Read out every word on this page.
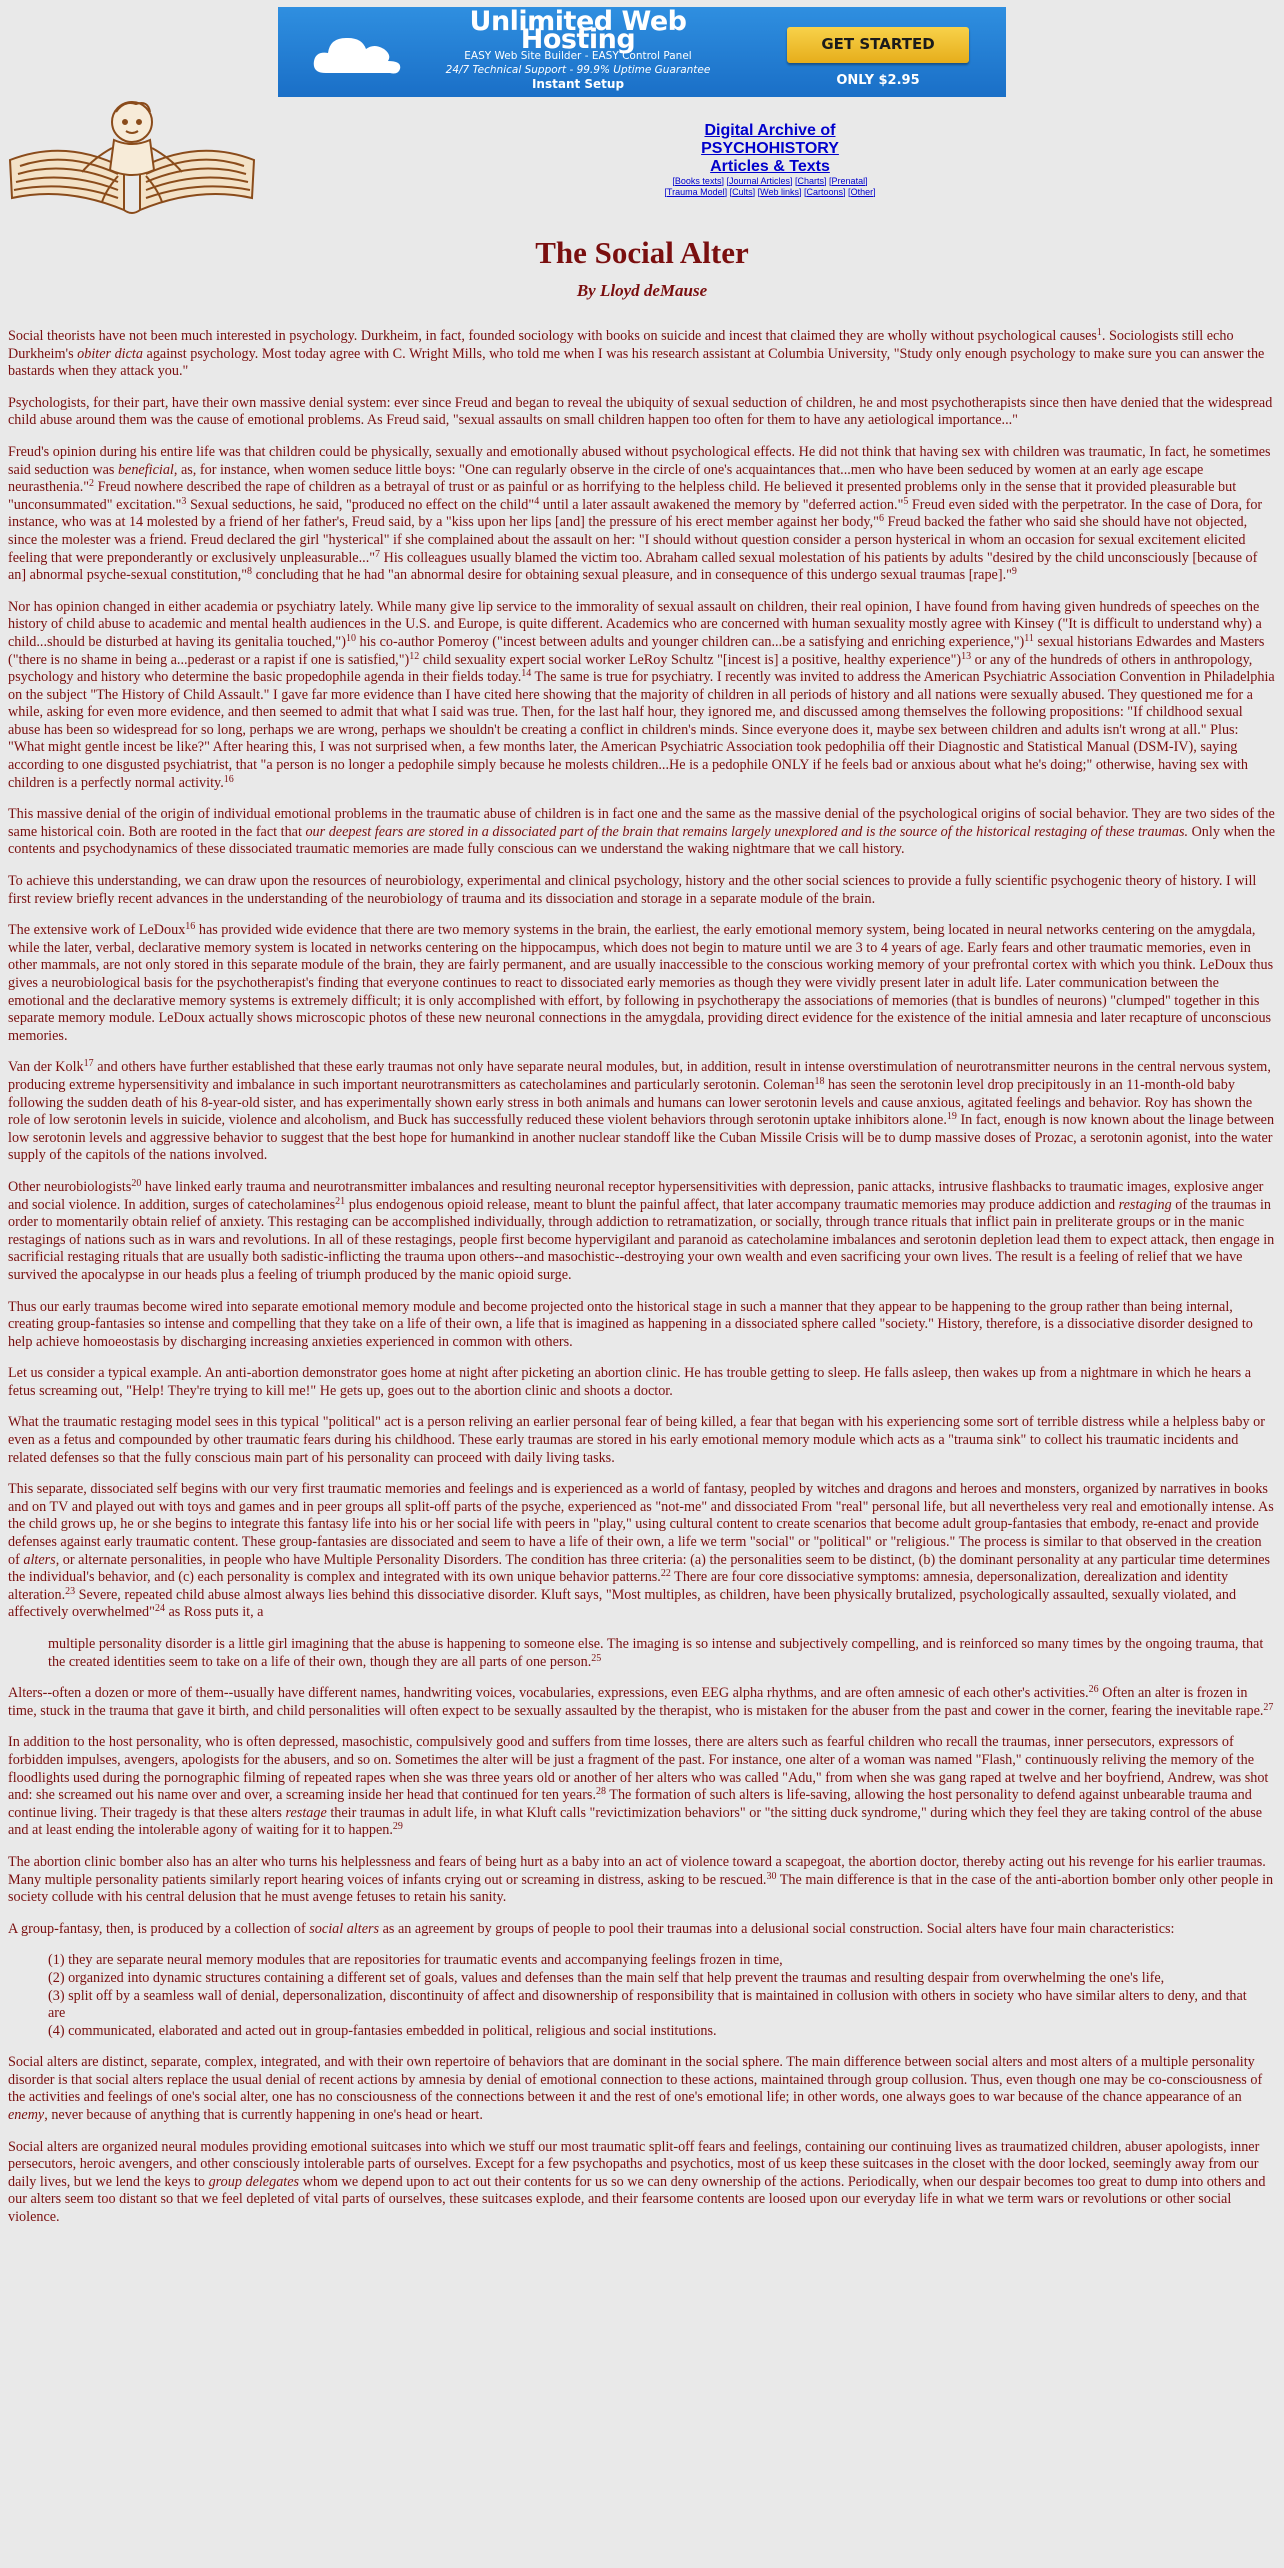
Unlimited Web Hosting
EASY Web Site Builder - EASY Control Panel
24/7 Technical Support - 99.9% Uptime Guarantee
Instant Setup
GET STARTED
ONLY $2.95
Digital Archive of
PSYCHOHISTORY
Articles & Texts
[Books texts] [Journal Articles] [Charts] [Prenatal]
[Trauma Model] [Cults] [Web links] [Cartoons] [Other]
The Social Alter
By Lloyd deMause

Social theorists have not been much interested in psychology. Durkheim, in fact, founded sociology with books on suicide and incest that claimed they are wholly without psychological causes$^1$. Sociologists still echo Durkheim's obiter dicta against psychology. Most today agree with C. Wright Mills, who told me when I was his research assistant at Columbia University, "Study only enough psychology to make sure you can answer the bastards when they attack you."

Psychologists, for their part, have their own massive denial system: ever since Freud and began to reveal the ubiquity of sexual seduction of children, he and most psychotherapists since then have denied that the widespread child abuse around them was the cause of emotional problems. As Freud said, "sexual assaults on small children happen too often for them to have any aetiological importance..."

Freud's opinion during his entire life was that children could be physically, sexually and emotionally abused without psychological effects. He did not think that having sex with children was traumatic, In fact, he sometimes said seduction was beneficial, as, for instance, when women seduce little boys: "One can regularly observe in the circle of one's acquaintances that...men who have been seduced by women at an early age escape neurasthenia."$^2$ Freud nowhere described the rape of children as a betrayal of trust or as painful or as horrifying to the helpless child. He believed it presented problems only in the sense that it provided pleasurable but "unconsummated" excitation."$^3$ Sexual seductions, he said, "produced no effect on the child"$^4$ until a later assault awakened the memory by "deferred action."$^5$ Freud even sided with the perpetrator. In the case of Dora, for instance, who was at 14 molested by a friend of her father's, Freud said, by a "kiss upon her lips [and] the pressure of his erect member against her body,"$^6$ Freud backed the father who said she should have not objected, since the molester was a friend. Freud declared the girl "hysterical" if she complained about the assault on her: "I should without question consider a person hysterical in whom an occasion for sexual excitement elicited feeling that were preponderantly or exclusively unpleasurable..."$^7$ His colleagues usually blamed the victim too. Abraham called sexual molestation of his patients by adults "desired by the child unconsciously [because of an] abnormal psyche-sexual constitution,"$^8$ concluding that he had "an abnormal desire for obtaining sexual pleasure, and in consequence of this undergo sexual traumas [rape]."$^9$

Nor has opinion changed in either academia or psychiatry lately. While many give lip service to the immorality of sexual assault on children, their real opinion, I have found from having given hundreds of speeches on the history of child abuse to academic and mental health audiences in the U.S. and Europe, is quite different. Academics who are concerned with human sexuality mostly agree with Kinsey ("It is difficult to understand why) a child...should be disturbed at having its genitalia touched,")$^{10}$ his co-author Pomeroy ("incest between adults and younger children can...be a satisfying and enriching experience,")$^{11}$ sexual historians Edwardes and Masters ("there is no shame in being a...pederast or a rapist if one is satisfied,")$^{12}$ child sexuality expert social worker LeRoy Schultz "[incest is] a positive, healthy experience")$^{13}$ or any of the hundreds of others in anthropology, psychology and history who determine the basic propedophile agenda in their fields today.$^{14}$ The same is true for psychiatry. I recently was invited to address the American Psychiatric Association Convention in Philadelphia on the subject "The History of Child Assault." I gave far more evidence than I have cited here showing that the majority of children in all periods of history and all nations were sexually abused. They questioned me for a while, asking for even more evidence, and then seemed to admit that what I said was true. Then, for the last half hour, they ignored me, and discussed among themselves the following propositions: "If childhood sexual abuse has been so widespread for so long, perhaps we are wrong, perhaps we shouldn't be creating a conflict in children's minds. Since everyone does it, maybe sex between children and adults isn't wrong at all." Plus: "What might gentle incest be like?" After hearing this, I was not surprised when, a few months later, the American Psychiatric Association took pedophilia off their Diagnostic and Statistical Manual (DSM-IV), saying according to one disgusted psychiatrist, that "a person is no longer a pedophile simply because he molests children...He is a pedophile ONLY if he feels bad or anxious about what he's doing;" otherwise, having sex with children is a perfectly normal activity.$^{16}$

This massive denial of the origin of individual emotional problems in the traumatic abuse of children is in fact one and the same as the massive denial of the psychological origins of social behavior. They are two sides of the same historical coin. Both are rooted in the fact that our deepest fears are stored in a dissociated part of the brain that remains largely unexplored and is the source of the historical restaging of these traumas. Only when the contents and psychodynamics of these dissociated traumatic memories are made fully conscious can we understand the waking nightmare that we call history.

To achieve this understanding, we can draw upon the resources of neurobiology, experimental and clinical psychology, history and the other social sciences to provide a fully scientific psychogenic theory of history. I will first review briefly recent advances in the understanding of the neurobiology of trauma and its dissociation and storage in a separate module of the brain.

The extensive work of LeDoux$^{16}$ has provided wide evidence that there are two memory systems in the brain, the earliest, the early emotional memory system, being located in neural networks centering on the amygdala, while the later, verbal, declarative memory system is located in networks centering on the hippocampus, which does not begin to mature until we are 3 to 4 years of age. Early fears and other traumatic memories, even in other mammals, are not only stored in this separate module of the brain, they are fairly permanent, and are usually inaccessible to the conscious working memory of your prefrontal cortex with which you think. LeDoux thus gives a neurobiological basis for the psychotherapist's finding that everyone continues to react to dissociated early memories as though they were vividly present later in adult life. Later communication between the emotional and the declarative memory systems is extremely difficult; it is only accomplished with effort, by following in psychotherapy the associations of memories (that is bundles of neurons) "clumped" together in this separate memory module. LeDoux actually shows microscopic photos of these new neuronal connections in the amygdala, providing direct evidence for the existence of the initial amnesia and later recapture of unconscious memories.

Van der Kolk$^{17}$ and others have further established that these early traumas not only have separate neural modules, but, in addition, result in intense overstimulation of neurotransmitter neurons in the central nervous system, producing extreme hypersensitivity and imbalance in such important neurotransmitters as catecholamines and particularly serotonin. Coleman$^{18}$ has seen the serotonin level drop precipitously in an 11-month-old baby following the sudden death of his 8-year-old sister, and has experimentally shown early stress in both animals and humans can lower serotonin levels and cause anxious, agitated feelings and behavior. Roy has shown the role of low serotonin levels in suicide, violence and alcoholism, and Buck has successfully reduced these violent behaviors through serotonin uptake inhibitors alone.$^{19}$ In fact, enough is now known about the linage between low serotonin levels and aggressive behavior to suggest that the best hope for humankind in another nuclear standoff like the Cuban Missile Crisis will be to dump massive doses of Prozac, a serotonin agonist, into the water supply of the capitols of the nations involved.

Other neurobiologists$^{20}$ have linked early trauma and neurotransmitter imbalances and resulting neuronal receptor hypersensitivities with depression, panic attacks, intrusive flashbacks to traumatic images, explosive anger and social violence. In addition, surges of catecholamines$^{21}$ plus endogenous opioid release, meant to blunt the painful affect, that later accompany traumatic memories may produce addiction and restaging of the traumas in order to momentarily obtain relief of anxiety. This restaging can be accomplished individually, through addiction to retramatization, or socially, through trance rituals that inflict pain in preliterate groups or in the manic restagings of nations such as in wars and revolutions. In all of these restagings, people first become hypervigilant and paranoid as catecholamine imbalances and serotonin depletion lead them to expect attack, then engage in sacrificial restaging rituals that are usually both sadistic-inflicting the trauma upon others--and masochistic--destroying your own wealth and even sacrificing your own lives. The result is a feeling of relief that we have survived the apocalypse in our heads plus a feeling of triumph produced by the manic opioid surge.

Thus our early traumas become wired into separate emotional memory module and become projected onto the historical stage in such a manner that they appear to be happening to the group rather than being internal, creating group-fantasies so intense and compelling that they take on a life of their own, a life that is imagined as happening in a dissociated sphere called "society." History, therefore, is a dissociative disorder designed to help achieve homoeostasis by discharging increasing anxieties experienced in common with others.

Let us consider a typical example. An anti-abortion demonstrator goes home at night after picketing an abortion clinic. He has trouble getting to sleep. He falls asleep, then wakes up from a nightmare in which he hears a fetus screaming out, "Help! They're trying to kill me!" He gets up, goes out to the abortion clinic and shoots a doctor.

What the traumatic restaging model sees in this typical "political" act is a person reliving an earlier personal fear of being killed, a fear that began with his experiencing some sort of terrible distress while a helpless baby or even as a fetus and compounded by other traumatic fears during his childhood. These early traumas are stored in his early emotional memory module which acts as a "trauma sink" to collect his traumatic incidents and related defenses so that the fully conscious main part of his personality can proceed with daily living tasks.

This separate, dissociated self begins with our very first traumatic memories and feelings and is experienced as a world of fantasy, peopled by witches and dragons and heroes and monsters, organized by narratives in books and on TV and played out with toys and games and in peer groups all split-off parts of the psyche, experienced as "not-me" and dissociated From "real" personal life, but all nevertheless very real and emotionally intense. As the child grows up, he or she begins to integrate this fantasy life into his or her social life with peers in "play," using cultural content to create scenarios that become adult group-fantasies that embody, re-enact and provide defenses against early traumatic content. These group-fantasies are dissociated and seem to have a life of their own, a life we term "social" or "political" or "religious." The process is similar to that observed in the creation of alters, or alternate personalities, in people who have Multiple Personality Disorders. The condition has three criteria: (a) the personalities seem to be distinct, (b) the dominant personality at any particular time determines the individual's behavior, and (c) each personality is complex and integrated with its own unique behavior patterns.$^{22}$ There are four core dissociative symptoms: amnesia, depersonalization, derealization and identity alteration.$^{23}$ Severe, repeated child abuse almost always lies behind this dissociative disorder. Kluft says, "Most multiples, as children, have been physically brutalized, psychologically assaulted, sexually violated, and affectively overwhelmed"$^{24}$ as Ross puts it, a

multiple personality disorder is a little girl imagining that the abuse is happening to someone else. The imaging is so intense and subjectively compelling, and is reinforced so many times by the ongoing trauma, that the created identities seem to take on a life of their own, though they are all parts of one person.$^{25}$

Alters--often a dozen or more of them--usually have different names, handwriting voices, vocabularies, expressions, even EEG alpha rhythms, and are often amnesic of each other's activities.$^{26}$ Often an alter is frozen in time, stuck in the trauma that gave it birth, and child personalities will often expect to be sexually assaulted by the therapist, who is mistaken for the abuser from the past and cower in the corner, fearing the inevitable rape.$^{27}$

In addition to the host personality, who is often depressed, masochistic, compulsively good and suffers from time losses, there are alters such as fearful children who recall the traumas, inner persecutors, expressors of forbidden impulses, avengers, apologists for the abusers, and so on. Sometimes the alter will be just a fragment of the past. For instance, one alter of a woman was named "Flash," continuously reliving the memory of the floodlights used during the pornographic filming of repeated rapes when she was three years old or another of her alters who was called "Adu," from when she was gang raped at twelve and her boyfriend, Andrew, was shot and: she screamed out his name over and over, a screaming inside her head that continued for ten years.$^{28}$ The formation of such alters is life-saving, allowing the host personality to defend against unbearable trauma and continue living. Their tragedy is that these alters restage their traumas in adult life, in what Kluft calls "revictimization behaviors" or "the sitting duck syndrome," during which they feel they are taking control of the abuse and at least ending the intolerable agony of waiting for it to happen.$^{29}$

The abortion clinic bomber also has an alter who turns his helplessness and fears of being hurt as a baby into an act of violence toward a scapegoat, the abortion doctor, thereby acting out his revenge for his earlier traumas. Many multiple personality patients similarly report hearing voices of infants crying out or screaming in distress, asking to be rescued.$^{30}$ The main difference is that in the case of the anti-abortion bomber only other people in society collude with his central delusion that he must avenge fetuses to retain his sanity.

A group-fantasy, then, is produced by a collection of social alters as an agreement by groups of people to pool their traumas into a delusional social construction. Social alters have four main characteristics:

(1) they are separate neural memory modules that are repositories for traumatic events and accompanying feelings frozen in time,
(2) organized into dynamic structures containing a different set of goals, values and defenses than the main self that help prevent the traumas and resulting despair from overwhelming the one's life,
(3) split off by a seamless wall of denial, depersonalization, discontinuity of affect and disownership of responsibility that is maintained in collusion with others in society who have similar alters to deny, and that are
(4) communicated, elaborated and acted out in group-fantasies embedded in political, religious and social institutions.

Social alters are distinct, separate, complex, integrated, and with their own repertoire of behaviors that are dominant in the social sphere. The main difference between social alters and most alters of a multiple personality disorder is that social alters replace the usual denial of recent actions by amnesia by denial of emotional connection to these actions, maintained through group collusion. Thus, even though one may be co-consciousness of the activities and feelings of one's social alter, one has no consciousness of the connections between it and the rest of one's emotional life; in other words, one always goes to war because of the chance appearance of an enemy, never because of anything that is currently happening in one's head or heart.

Social alters are organized neural modules providing emotional suitcases into which we stuff our most traumatic split-off fears and feelings, containing our continuing lives as traumatized children, abuser apologists, inner persecutors, heroic avengers, and other consciously intolerable parts of ourselves. Except for a few psychopaths and psychotics, most of us keep these suitcases in the closet with the door locked, seemingly away from our daily lives, but we lend the keys to group delegates whom we depend upon to act out their contents for us so we can deny ownership of the actions. Periodically, when our despair becomes too great to dump into others and our alters seem too distant so that we feel depleted of vital parts of ourselves, these suitcases explode, and their fearsome contents are loosed upon our everyday life in what we term wars or revolutions or other social violence.
